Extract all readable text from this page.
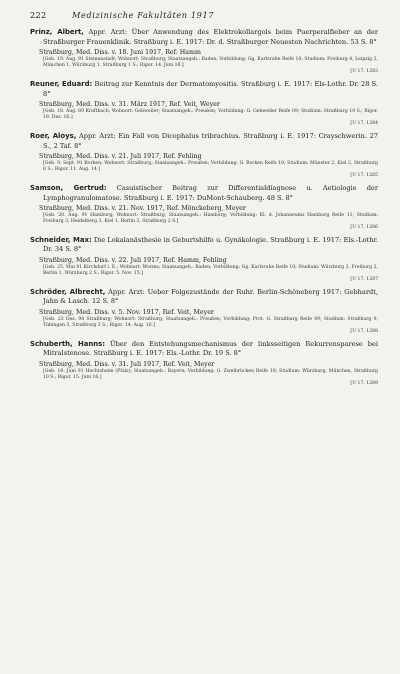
222	Medizinische Fakultäten 1917
Prinz, Albert, Appr. Arzt: Über Anwendung des Elektrokollargols beim Puerperalfieber an der Straßburger Frauenklinik. Straßburg i. E. 1917: Dr. d. Straßburger Neuesten Nachrichten. 53 S. 8°
Straßburg, Med. Diss. v. 18. Juni 1917, Ref. Hamm
[Geb. 19. Aug. 91 Steinenstadt; Wohnort: Straßburg; Staatsangeh.: Baden; Vorbildung: Gg. Karlsruhe Reife 10; Studium: Freiburg 4, Leipzig 2, München 1, Würzburg 1, Straßburg 1 S.; Rigor. 14. Juni 16.]
[U 17. 1283
Reuner, Eduard: Beitrag zur Kenntnis der Dermatomyositis. Straßburg i. E. 1917: Els-Lothr. Dr. 28 S. 8°
Straßburg, Med. Diss. v. 31. März 1917, Ref. Veit, Weyer
[Geb. 18. Aug. 89 Kraftbach; Wohnort: Gebweiler; Staatsangeh.: Preußen; Vorbildung: G. Gebweiler Reife 09; Studium: Straßburg 10 S.; Rigor. 19. Dez. 16.]
[U 17. 1284
Roer, Aloys, Appr. Arzt: Ein Fall von Dicephalus tribrachius. Straßburg i. E. 1917: Crayschwerin. 27 S., 2 Taf. 8°
Straßburg, Med. Diss. v. 21. Juli 1917, Ref. Fehling
[Geb. 9. Sept. 91 Borken; Wohnort: Straßburg; Staatsangeh.: Preußen; Vorbildung: G. Borken Reife 10; Studium: Münster 2, Kiel 2, Straßburg 6 S.; Rigor. 11. Aug. 14.]
[U 17. 1285
Samson, Gertrud: Casuistischer Beitrag zur Differentialdiagnose u. Aetiologie der Lymphogranulomatose. Straßburg i. E. 1917: DuMont-Schauberg. 48 S. 8°
Straßburg, Med. Diss. v. 21. Nov. 1917, Ref. Mönckeberg, Meyer
[Geb. 20. Aug. 91 Hamburg; Wohnort: Straßburg; Staatsangeh.: Hamburg; Vorbildung: Kl. d. Johanneums Hamburg Reife 11; Studium: Freiburg 3, Heidelberg 3, Kiel 1, Berlin 3, Straßburg 2 S.]
[U 17. 1286
Schneider, Max: Die Lokalanästhesie in Geburtshilfe u. Gynäkologie. Straßburg i. E. 1917: Els.-Lothr. Dr. 34 S. 8°
Straßburg, Med. Diss. v. 22. Juli 1917, Ref. Hamm, Fehling
[Geb. 25. Mai 91 Kirchdorf i. E.; Wohnort: Worms; Staatsangeh.: Baden; Vorbildung: Gg. Karlsruhe Reife 10; Studium: Würzburg 3, Freiburg 2, Berlin 1, Würzburg 2 S.; Rigor. 5. Nov. 15.]
[U 17. 1287
Schröder, Albrecht, Appr. Arzt: Ueber Folgezustände der Ruhr. Berlin-Schöneberg 1917: Gebhardt, Jahn & Lasch. 12 S. 8°
Straßburg, Med. Diss. v. 5. Nov. 1917, Ref. Veit, Meyer
[Geb. 23 Dez. 90 Straßburg; Wohnort: Straßburg; Staatsangeh.: Preußen; Vorbildung: Prot. G. Straßburg Reife 09; Studium: Straßburg 9, Tübingen 3, Straßburg 2 S.; Rigor. 14. Aug. 16.]
[U 17. 1288
Schuberth, Hanns: Über den Entstehungsmechanismus der linksseitigen Rekurrensparese bei Mitralstenose. Straßburg i. E. 1917: Els.-Lothr. Dr. 19 S. 8°
Straßburg, Med. Diss. v. 31. Juli 1917, Ref. Veit, Meyer
[Geb. 18. Juni 91 Hechtsheim (Pfalz); Staatsangeh.: Bayern; Vorbildung: G. Zweibrücken Reife 10; Studium: Würzburg, München, Straßburg 10 S.; Rigor. 15. Juni 16.]
[U 17. 1289
